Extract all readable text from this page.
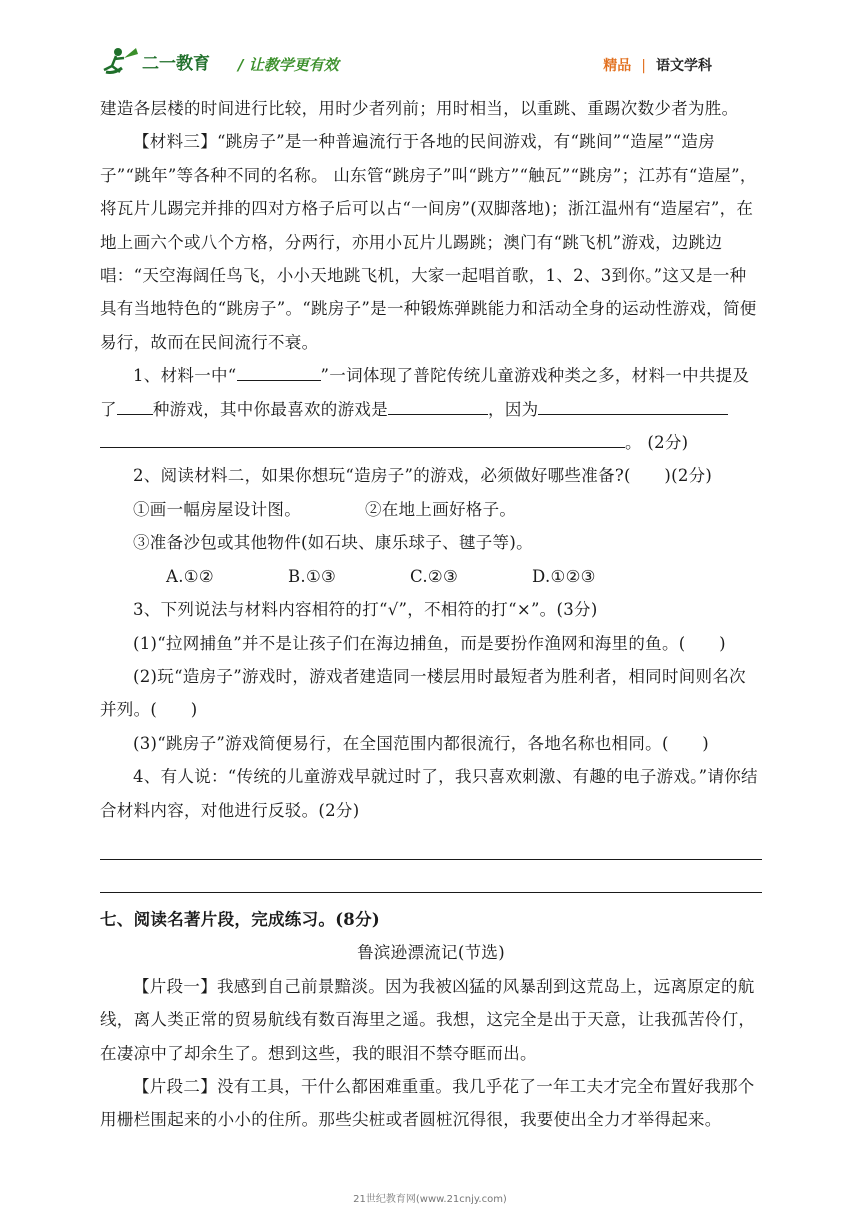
二一教育 / 让教学更有效	精品 | 语文学科

建造各层楼的时间进行比较，用时少者列前；用时相当，以重跳、重踢次数少者为胜。

【材料三】“跳房子”是一种普遍流行于各地的民间游戏，有“跳间”“造屋”“造房子”“跳年”等各种不同的名称。 山东管“跳房子”叫“跳方”“触瓦”“跳房”；江苏有“造屋”，将瓦片儿踢完并排的四对方格子后可以占“一间房”(双脚落地)；浙江温州有“造屋宕”，在地上画六个或八个方格，分两行，亦用小瓦片儿踢跳；澳门有“跳飞机”游戏，边跳边唱：“天空海阔任鸟飞，小小天地跳飞机，大家一起唱首歌，1、2、3到你。”这又是一种具有当地特色的“跳房子”。“跳房子”是一种锻炼弹跳能力和活动全身的运动性游戏，简便易行，故而在民间流行不衰。

1、材料一中“	”一词体现了普陀传统儿童游戏种类之多，材料一中共提及了 种游戏，其中你最喜欢的游戏是	，因为
。 (2分)

2、阅读材料二，如果你想玩“造房子”的游戏，必须做好哪些准备?(　　)(2分)

①画一幅房屋设计图。	②在地上画好格子。

③准备沙包或其他物件(如石块、康乐球子、毽子等)。

A.①②	B.①③	C.②③	D.①②③

3、下列说法与材料内容相符的打“√”，不相符的打“×”。(3分)

(1)“拉网捕鱼”并不是让孩子们在海边捕鱼，而是要扮作渔网和海里的鱼。(　　)

(2)玩“造房子”游戏时，游戏者建造同一楼层用时最短者为胜利者，相同时间则名次并列。(　　)

(3)“跳房子”游戏简便易行，在全国范围内都很流行，各地名称也相同。(　　)

4、有人说：“传统的儿童游戏早就过时了，我只喜欢刺激、有趣的电子游戏。”请你结合材料内容，对他进行反驳。(2分)

七、阅读名著片段，完成练习。(8分)

鲁滨逊漂流记(节选)

【片段一】我感到自己前景黯淡。因为我被凶猛的风暴刮到这荒岛上，远离原定的航线，离人类正常的贸易航线有数百海里之遥。我想，这完全是出于天意，让我孤苦伶仃，在凄凉中了却余生了。想到这些，我的眼泪不禁夺眶而出。

【片段二】没有工具，干什么都困难重重。我几乎花了一年工夫才完全布置好我那个用栅栏围起来的小小的住所。那些尖桩或者圆桩沉得很，我要使出全力才举得起来。

21世纪教育网(www.21cnjy.com)
